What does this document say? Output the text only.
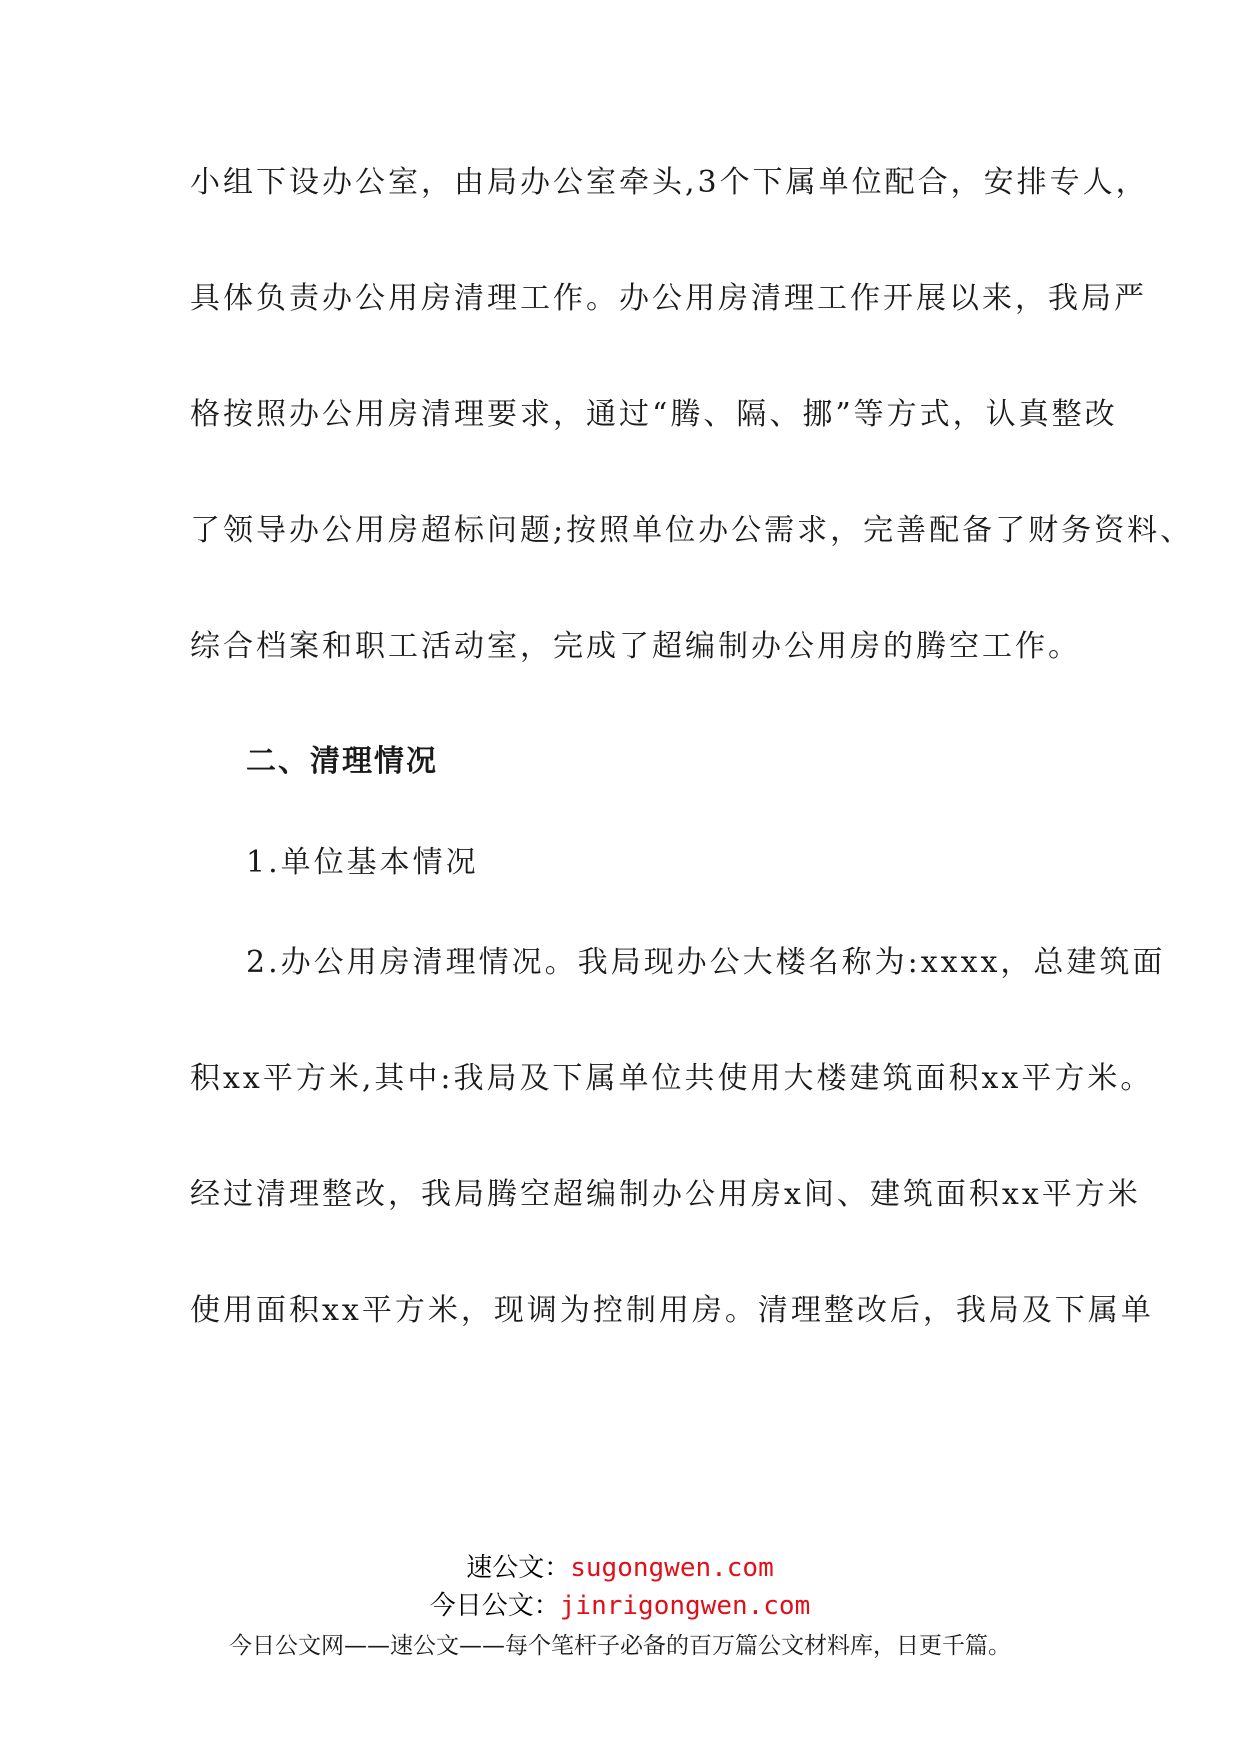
小组下设办公室，由局办公室牵头,3个下属单位配合，安排专人，
具体负责办公用房清理工作。办公用房清理工作开展以来，我局严
格按照办公用房清理要求，通过“腾、隔、挪”等方式，认真整改
了领导办公用房超标问题;按照单位办公需求，完善配备了财务资料、
综合档案和职工活动室，完成了超编制办公用房的腾空工作。
二、清理情况
1.单位基本情况
2.办公用房清理情况。我局现办公大楼名称为:xxxx，总建筑面
积xx平方米,其中:我局及下属单位共使用大楼建筑面积xx平方米。
经过清理整改，我局腾空超编制办公用房x间、建筑面积xx平方米
使用面积xx平方米，现调为控制用房。清理整改后，我局及下属单
速公文：sugongwen.com
今日公文：jinrigongwen.com
今日公文网——速公文——每个笔杆子必备的百万篇公文材料库，日更千篇。
